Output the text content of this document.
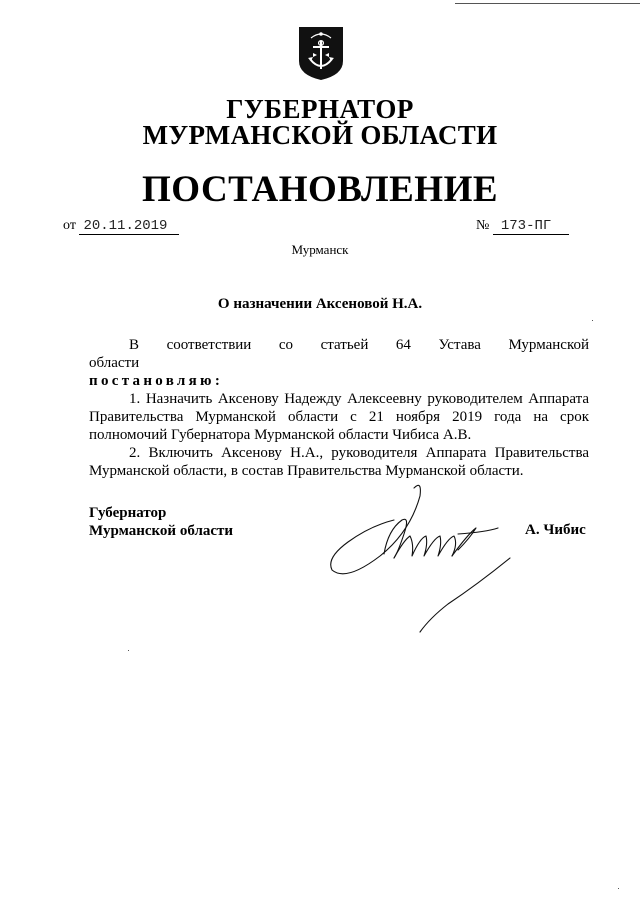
ГУБЕРНАТОР
МУРМАНСКОЙ ОБЛАСТИ
ПОСТАНОВЛЕНИЕ
от 20.11.2019	№ 173-ПГ
Мурманск
О назначении Аксеновой Н.А.

В соответствии со статьей 64 Устава Мурманской области

постановляю:

1. Назначить Аксенову Надежду Алексеевну руководителем Аппарата Правительства Мурманской области с 21 ноября 2019 года на срок полномочий Губернатора Мурманской области Чибиса А.В.

2. Включить Аксенову Н.А., руководителя Аппарата Правительства Мурманской области, в состав Правительства Мурманской области.

Губернатор
Мурманской области	А. Чибис
